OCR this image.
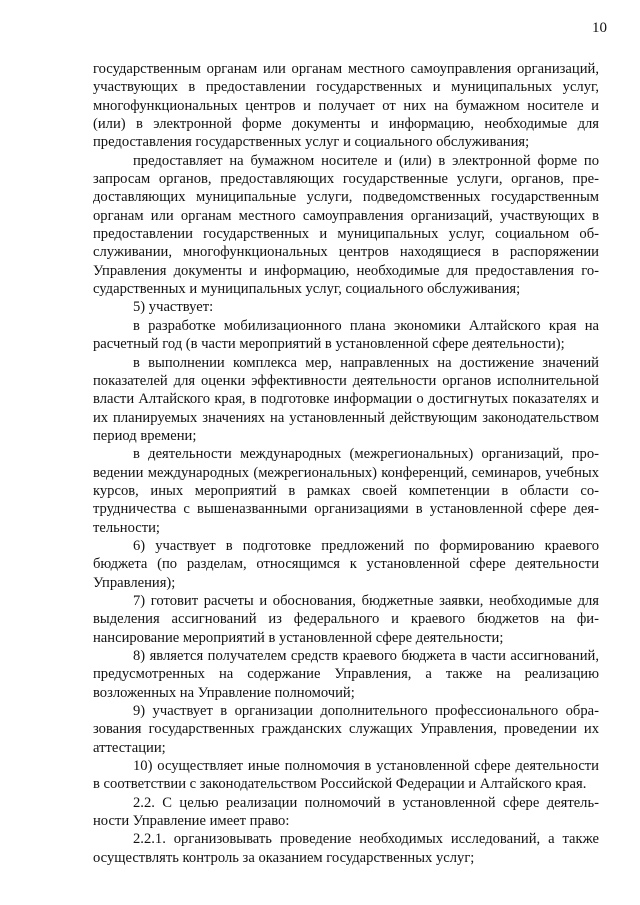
10

государственным органам или органам местного самоуправления организаций, участвующих в предоставлении государственных и муниципальных услуг, многофункциональных центров и получает от них на бумажном носителе и (или) в электронной форме документы и информацию, необходимые для предоставления государственных услуг и социального обслуживания;

предоставляет на бумажном носителе и (или) в электронной форме по запросам органов, предоставляющих государственные услуги, органов, предоставляющих муниципальные услуги, подведомственных государственным органам или органам местного самоуправления организаций, участвующих в предоставлении государственных и муниципальных услуг, социальном обслуживании, многофункциональных центров находящиеся в распоряжении Управления документы и информацию, необходимые для предоставления государственных и муниципальных услуг, социального обслуживания;

5) участвует:

в разработке мобилизационного плана экономики Алтайского края на расчетный год (в части мероприятий в установленной сфере деятельности);

в выполнении комплекса мер, направленных на достижение значений показателей для оценки эффективности деятельности органов исполнительной власти Алтайского края, в подготовке информации о достигнутых показателях и их планируемых значениях на установленный действующим законодательством период времени;

в деятельности международных (межрегиональных) организаций, проведении международных (межрегиональных) конференций, семинаров, учебных курсов, иных мероприятий в рамках своей компетенции в области сотрудничества с вышеназванными организациями в установленной сфере деятельности;

6) участвует в подготовке предложений по формированию краевого бюджета (по разделам, относящимся к установленной сфере деятельности Управления);

7) готовит расчеты и обоснования, бюджетные заявки, необходимые для выделения ассигнований из федерального и краевого бюджетов на финансирование мероприятий в установленной сфере деятельности;

8) является получателем средств краевого бюджета в части ассигнований, предусмотренных на содержание Управления, а также на реализацию возложенных на Управление полномочий;

9) участвует в организации дополнительного профессионального образования государственных гражданских служащих Управления, проведении их аттестации;

10) осуществляет иные полномочия в установленной сфере деятельности в соответствии с законодательством Российской Федерации и Алтайского края.

2.2. С целью реализации полномочий в установленной сфере деятельности Управление имеет право:

2.2.1. организовывать проведение необходимых исследований, а также осуществлять контроль за оказанием государственных услуг;
